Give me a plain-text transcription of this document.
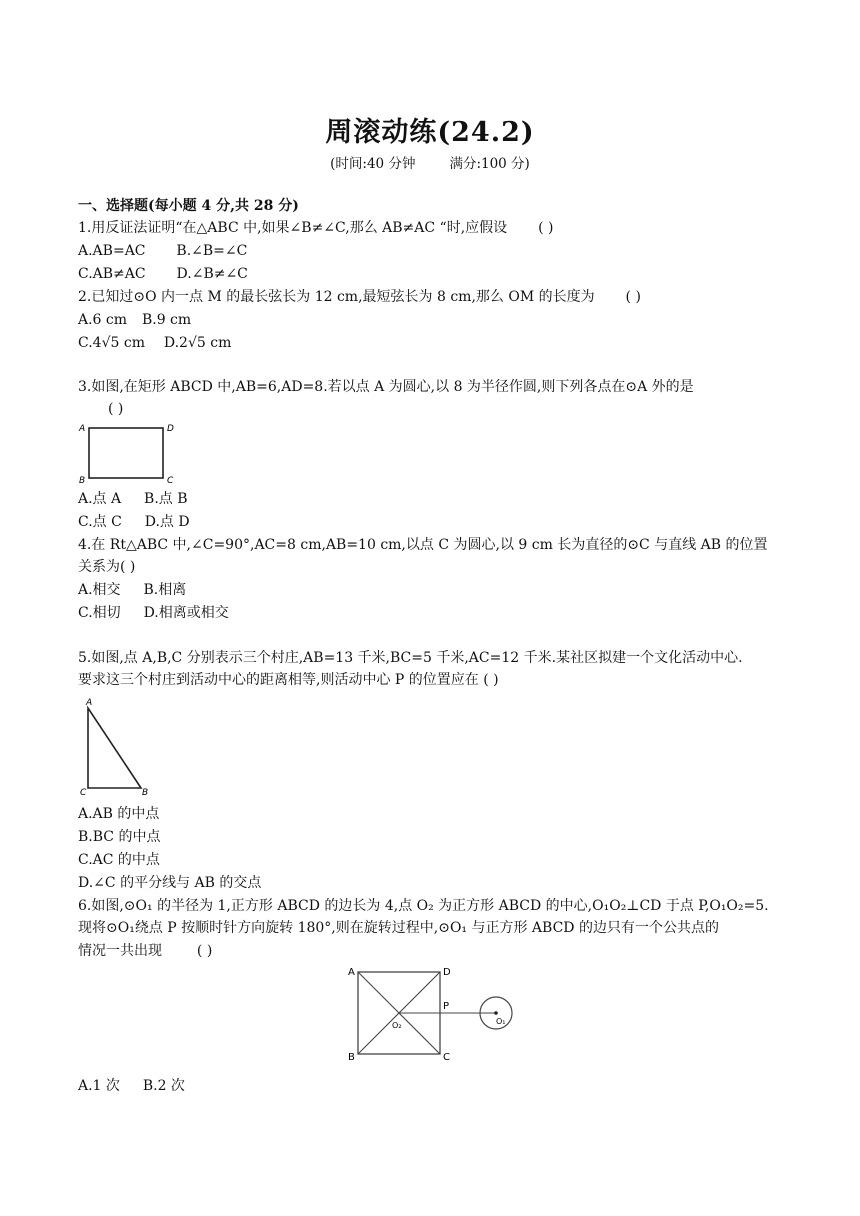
周滚动练(24.2)
(时间:40 分钟	满分:100 分)
一、选择题(每小题 4 分,共 28 分)
1.用反证法证明“在△ABC 中,如果∠B≠∠C,那么 AB≠AC “时,应假设 ( )
A.AB=AC B.∠B=∠C
C.AB≠AC D.∠B≠∠C
2.已知过⊙O 内一点 M 的最长弦长为 12 cm,最短弦长为 8 cm,那么 OM 的长度为 ( )
A.6 cm B.9 cm
C.4√5 cm D.2√5 cm
3.如图,在矩形 ABCD 中,AB=6,AD=8.若以点 A 为圆心,以 8 为半径作圆,则下列各点在⊙A 外的是
( )
A	D
B	C
A.点 A B.点 B
C.点 C D.点 D
4.在 Rt△ABC 中,∠C=90°,AC=8 cm,AB=10 cm,以点 C 为圆心,以 9 cm 长为直径的⊙C 与直线 AB 的位置
关系为( )
A.相交 B.相离
C.相切 D.相离或相交
5.如图,点 A,B,C 分别表示三个村庄,AB=13 千米,BC=5 千米,AC=12 千米.某社区拟建一个文化活动中心.
要求这三个村庄到活动中心的距离相等,则活动中心 P 的位置应在 ( )
A
C	B
A.AB 的中点
B.BC 的中点
C.AC 的中点
D.∠C 的平分线与 AB 的交点
6.如图,⊙O₁ 的半径为 1,正方形 ABCD 的边长为 4,点 O₂ 为正方形 ABCD 的中心,O₁O₂⊥CD 于点 P,O₁O₂=5.
现将⊙O₁绕点 P 按顺时针方向旋转 180°,则在旋转过程中,⊙O₁ 与正方形 ABCD 的边只有一个公共点的
情况一共出现 ( )
A	D
B	C
P
O₂	O₁
A.1 次 B.2 次
